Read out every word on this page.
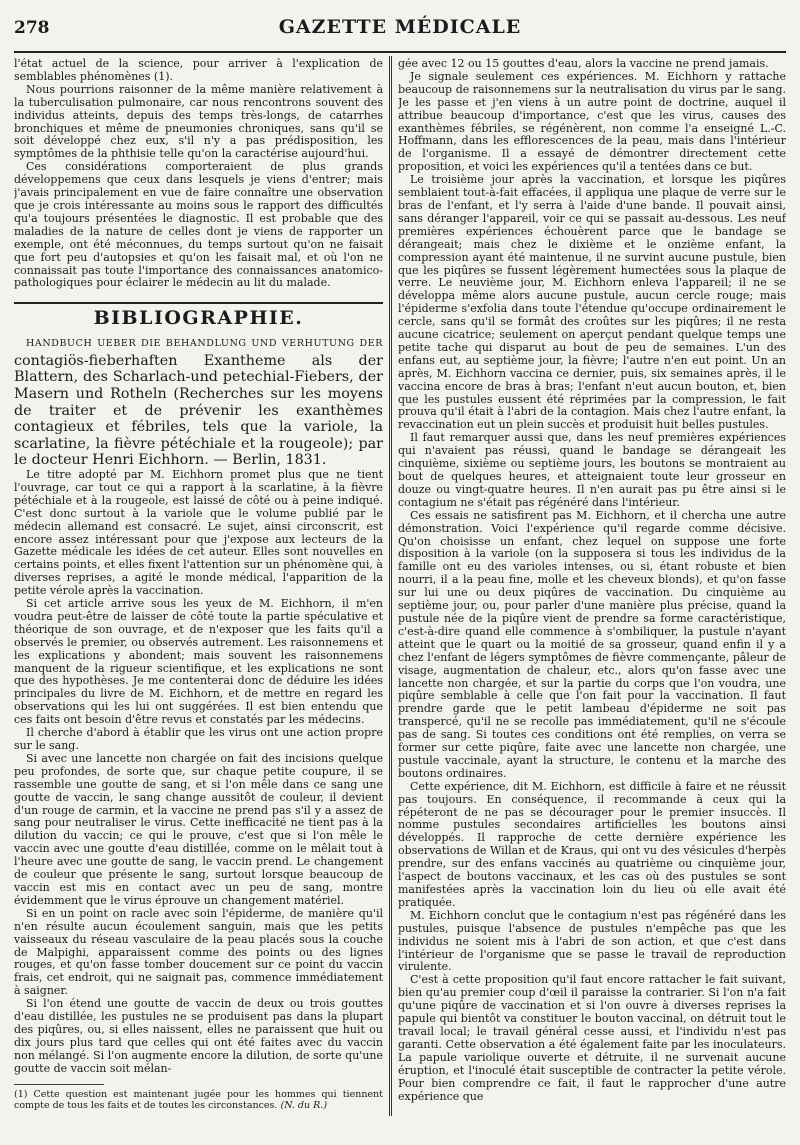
278	GAZETTE MÉDICALE

l'état actuel de la science, pour arriver à l'explication de semblables phénomènes (1).

Nous pourrions raisonner de la même manière relativement à la tuberculisation pulmonaire, car nous rencontrons souvent des individus atteints, depuis des temps très-longs, de catarrhes bronchiques et même de pneumonies chroniques, sans qu'il se soit développé chez eux, s'il n'y a pas prédisposition, les symptômes de la phthisie telle qu'on la caractérise aujourd'hui.

Ces considérations comporteraient de plus grands développemens que ceux dans lesquels je viens d'entrer; mais j'avais principalement en vue de faire connaître une observation que je crois intéressante au moins sous le rapport des difficultés qu'a toujours présentées le diagnostic. Il est probable que des maladies de la nature de celles dont je viens de rapporter un exemple, ont été méconnues, du temps surtout qu'on ne faisait que fort peu d'autopsies et qu'on les faisait mal, et où l'on ne connaissait pas toute l'importance des connaissances anatomico-pathologiques pour éclairer le médecin au lit du malade.

BIBLIOGRAPHIE.

HANDBUCH UEBER DIE BEHANDLUNG UND VERHUTUNG DER contagiös-fieberhaften Exantheme als der Blattern, des Scharlach-und petechial-Fiebers, der Masern und Rotheln (Recherches sur les moyens de traiter et de prévenir les exanthèmes contagieux et fébriles, tels que la variole, la scarlatine, la fièvre pétéchiale et la rougeole); par le docteur Henri Eichhorn. — Berlin, 1831.

Le titre adopté par M. Eichhorn promet plus que ne tient l'ouvrage, car tout ce qui a rapport à la scarlatine, à la fièvre pétéchiale et à la rougeole, est laissé de côté ou à peine indiqué. C'est donc surtout à la variole que le volume publié par le médecin allemand est consacré. Le sujet, ainsi circonscrit, est encore assez intéressant pour que j'expose aux lecteurs de la Gazette médicale les idées de cet auteur. Elles sont nouvelles en certains points, et elles fixent l'attention sur un phénomène qui, à diverses reprises, a agité le monde médical, l'apparition de la petite vérole après la vaccination.

Si cet article arrive sous les yeux de M. Eichhorn, il m'en voudra peut-être de laisser de côté toute la partie spéculative et théorique de son ouvrage, et de n'exposer que les faits qu'il a observés le premier, ou observés autrement. Les raisonnemens et les explications y abondent; mais souvent les raisonnemens manquent de la rigueur scientifique, et les explications ne sont que des hypothèses. Je me contenterai donc de déduire les idées principales du livre de M. Eichhorn, et de mettre en regard les observations qui les lui ont suggérées. Il est bien entendu que ces faits ont besoin d'être revus et constatés par les médecins.

Il cherche d'abord à établir que les virus ont une action propre sur le sang.

Si avec une lancette non chargée on fait des incisions quelque peu profondes, de sorte que, sur chaque petite coupure, il se rassemble une goutte de sang, et si l'on mêle dans ce sang une goutte de vaccin, le sang change aussitôt de couleur, il devient d'un rouge de carmin, et la vaccine ne prend pas s'il y a assez de sang pour neutraliser le virus. Cette inefficacité ne tient pas à la dilution du vaccin; ce qui le prouve, c'est que si l'on mêle le vaccin avec une goutte d'eau distillée, comme on le mêlait tout à l'heure avec une goutte de sang, le vaccin prend. Le changement de couleur que présente le sang, surtout lorsque beaucoup de vaccin est mis en contact avec un peu de sang, montre évidemment que le virus éprouve un changement matériel.

Si en un point on racle avec soin l'épiderme, de manière qu'il n'en résulte aucun écoulement sanguin, mais que les petits vaisseaux du réseau vasculaire de la peau placés sous la couche de Malpighi, apparaissent comme des points ou des lignes rouges, et qu'on fasse tomber doucement sur ce point du vaccin frais, cet endroit, qui ne saignait pas, commence immédiatement à saigner.

Si l'on étend une goutte de vaccin de deux ou trois gouttes d'eau distillée, les pustules ne se produisent pas dans la plupart des piqûres, ou, si elles naissent, elles ne paraissent que huit ou dix jours plus tard que celles qui ont été faites avec du vaccin non mélangé. Si l'on augmente encore la dilution, de sorte qu'une goutte de vaccin soit mélan-

(1) Cette question est maintenant jugée pour les hommes qui tiennent compte de tous les faits et de toutes les circonstances. (N. du R.)

gée avec 12 ou 15 gouttes d'eau, alors la vaccine ne prend jamais.

Je signale seulement ces expériences. M. Eichhorn y rattache beaucoup de raisonnemens sur la neutralisation du virus par le sang. Je les passe et j'en viens à un autre point de doctrine, auquel il attribue beaucoup d'importance, c'est que les virus, causes des exanthèmes fébriles, se régénèrent, non comme l'a enseigné L.-C. Hoffmann, dans les efflorescences de la peau, mais dans l'intérieur de l'organisme. Il a essayé de démontrer directement cette proposition, et voici les expériences qu'il a tentées dans ce but.

Le troisième jour après la vaccination, et lorsque les piqûres semblaient tout-à-fait effacées, il appliqua une plaque de verre sur le bras de l'enfant, et l'y serra à l'aide d'une bande. Il pouvait ainsi, sans déranger l'appareil, voir ce qui se passait au-dessous. Les neuf premières expériences échouèrent parce que le bandage se dérangeait; mais chez le dixième et le onzième enfant, la compression ayant été maintenue, il ne survint aucune pustule, bien que les piqûres se fussent légèrement humectées sous la plaque de verre. Le neuvième jour, M. Eichhorn enleva l'appareil; il ne se développa même alors aucune pustule, aucun cercle rouge; mais l'épiderme s'exfolia dans toute l'étendue qu'occupe ordinairement le cercle, sans qu'il se formât des croûtes sur les piqûres; il ne resta aucune cicatrice; seulement on aperçut pendant quelque temps une petite tache qui disparut au bout de peu de semaines. L'un des enfans eut, au septième jour, la fièvre; l'autre n'en eut point. Un an après, M. Eichhorn vaccina ce dernier, puis, six semaines après, il le vaccina encore de bras à bras; l'enfant n'eut aucun bouton, et, bien que les pustules eussent été réprimées par la compression, le fait prouva qu'il était à l'abri de la contagion. Mais chez l'autre enfant, la revaccination eut un plein succès et produisit huit belles pustules.

Il faut remarquer aussi que, dans les neuf premières expériences qui n'avaient pas réussi, quand le bandage se dérangeait les cinquième, sixième ou septième jours, les boutons se montraient au bout de quelques heures, et atteignaient toute leur grosseur en douze ou vingt-quatre heures. Il n'en aurait pas pu être ainsi si le contagium ne s'était pas régénéré dans l'intérieur.

Ces essais ne satisfirent pas M. Eichhorn, et il chercha une autre démonstration. Voici l'expérience qu'il regarde comme décisive. Qu'on choisisse un enfant, chez lequel on suppose une forte disposition à la variole (on la supposera si tous les individus de la famille ont eu des varioles intenses, ou si, étant robuste et bien nourri, il a la peau fine, molle et les cheveux blonds), et qu'on fasse sur lui une ou deux piqûres de vaccination. Du cinquième au septième jour, ou, pour parler d'une manière plus précise, quand la pustule née de la piqûre vient de prendre sa forme caractéristique, c'est-à-dire quand elle commence à s'ombiliquer, la pustule n'ayant atteint que le quart ou la moitié de sa grosseur, quand enfin il y a chez l'enfant de légers symptômes de fièvre commençante, pâleur de visage, augmentation de chaleur, etc., alors qu'on fasse avec une lancette non chargée, et sur la partie du corps que l'on voudra, une piqûre semblable à celle que l'on fait pour la vaccination. Il faut prendre garde que le petit lambeau d'épiderme ne soit pas transpercé, qu'il ne se recolle pas immédiatement, qu'il ne s'écoule pas de sang. Si toutes ces conditions ont été remplies, on verra se former sur cette piqûre, faite avec une lancette non chargée, une pustule vaccinale, ayant la structure, le contenu et la marche des boutons ordinaires.

Cette expérience, dit M. Eichhorn, est difficile à faire et ne réussit pas toujours. En conséquence, il recommande à ceux qui la répéteront de ne pas se décourager pour le premier insuccès. Il nomme pustules secondaires artificielles les boutons ainsi développés. Il rapproche de cette dernière expérience les observations de Willan et de Kraus, qui ont vu des vésicules d'herpès prendre, sur des enfans vaccinés au quatrième ou cinquième jour, l'aspect de boutons vaccinaux, et les cas où des pustules se sont manifestées après la vaccination loin du lieu où elle avait été pratiquée.

M. Eichhorn conclut que le contagium n'est pas régénéré dans les pustules, puisque l'absence de pustules n'empêche pas que les individus ne soient mis à l'abri de son action, et que c'est dans l'intérieur de l'organisme que se passe le travail de reproduction virulente.

C'est à cette proposition qu'il faut encore rattacher le fait suivant, bien qu'au premier coup d'œil il paraisse la contrarier. Si l'on n'a fait qu'une piqûre de vaccination et si l'on ouvre à diverses reprises la papule qui bientôt va constituer le bouton vaccinal, on détruit tout le travail local; le travail général cesse aussi, et l'individu n'est pas garanti. Cette observation a été également faite par les inoculateurs. La papule variolique ouverte et détruite, il ne survenait aucune éruption, et l'inoculé était susceptible de contracter la petite vérole. Pour bien comprendre ce fait, il faut le rapprocher d'une autre expérience que
